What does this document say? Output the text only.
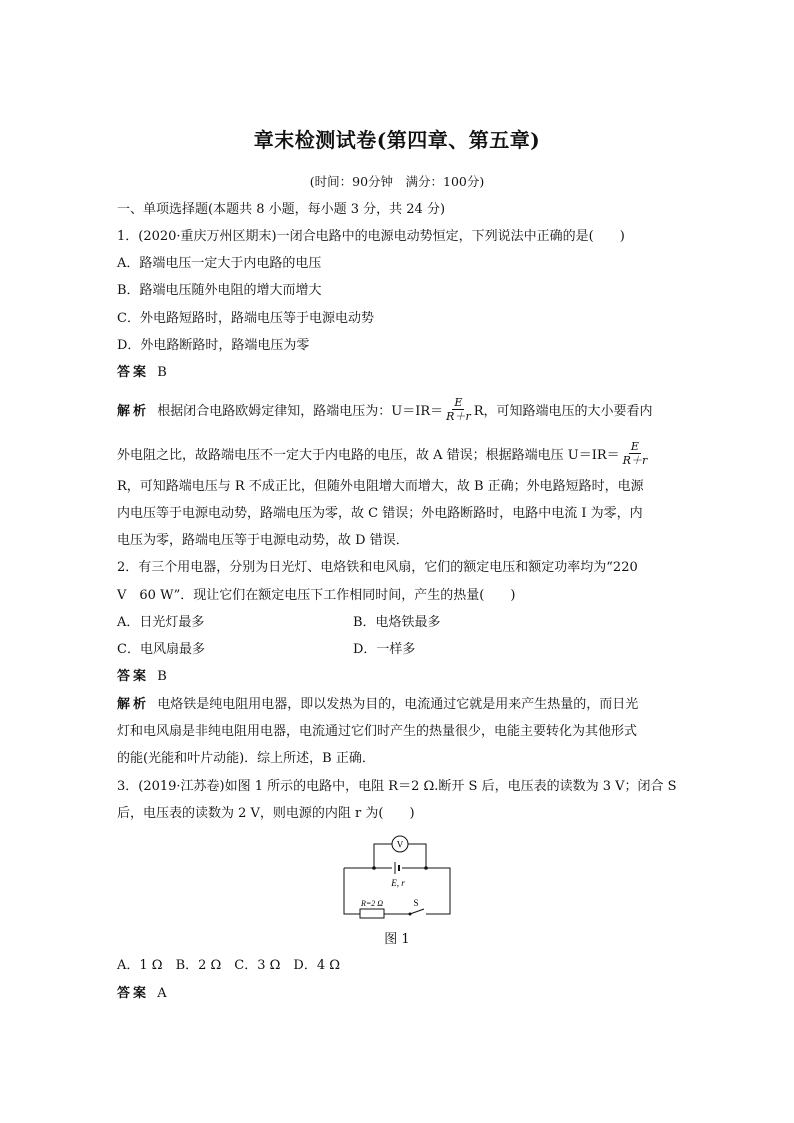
章末检测试卷(第四章、第五章)
(时间：90分钟　满分：100分)
一、单项选择题(本题共 8 小题，每小题 3 分，共 24 分)
1．(2020·重庆万州区期末)一闭合电路中的电源电动势恒定，下列说法中正确的是(　　)
A．路端电压一定大于内电路的电压
B．路端电压随外电阻的增大而增大
C．外电路短路时，路端电压等于电源电动势
D．外电路断路时，路端电压为零
答案 B
解析 根据闭合电路欧姆定律知，路端电压为：$U=IR= \frac{E}{R+r}$ R，可知路端电压的大小要看内
外电阻之比，故路端电压不一定大于内电路的电压，故 A 错误；根据路端电压 $U=IR= \frac{E}{R+r}$
R，可知路端电压与 R 不成正比，但随外电阻增大而增大，故 B 正确；外电路短路时，电源
内电压等于电源电动势，路端电压为零，故 C 错误；外电路断路时，电路中电流 I 为零，内
电压为零，路端电压等于电源电动势，故 D 错误．
2．有三个用电器，分别为日光灯、电烙铁和电风扇，它们的额定电压和额定功率均为“220
V　60 W”．现让它们在额定电压下工作相同时间，产生的热量(　　)
A．日光灯最多	B．电烙铁最多
C．电风扇最多	D．一样多
答案 B
解析 电烙铁是纯电阻用电器，即以发热为目的，电流通过它就是用来产生热量的，而日光
灯和电风扇是非纯电阻用电器，电流通过它们时产生的热量很少，电能主要转化为其他形式
的能(光能和叶片动能)．综上所述，B 正确．
3．(2019·江苏卷)如图 1 所示的电路中，电阻 R＝2 Ω.断开 S 后，电压表的读数为 3 V；闭合 S
后，电压表的读数为 2 V，则电源的内阻 r 为(　　)
V
E, r
R=2 Ω	S
图 1
A．1 Ω　B．2 Ω　C．3 Ω　D．4 Ω
答案 A
